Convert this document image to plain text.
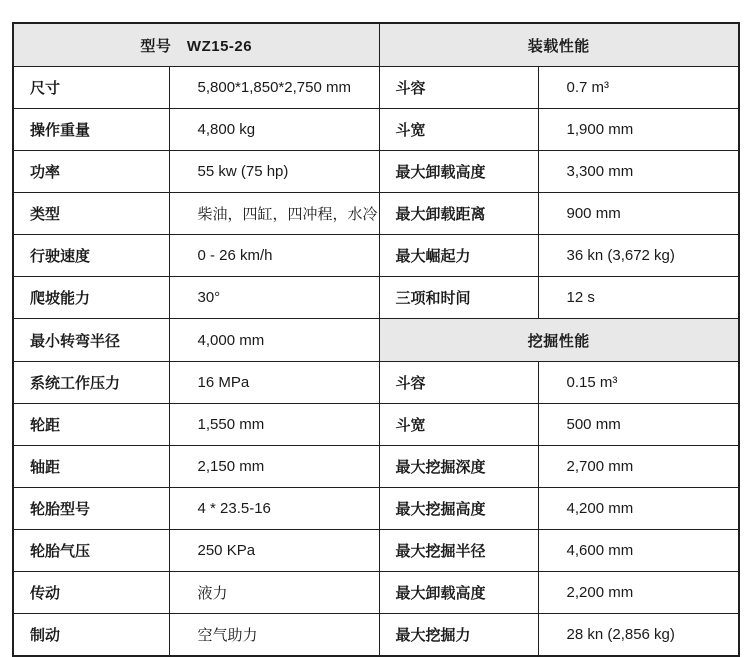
型号　WZ15-26		装载性能	
尺寸	5,800*1,850*2,750 mm	斗容	0.7 m³
操作重量	4,800 kg	斗宽	1,900 mm
功率	55 kw (75 hp)	最大卸载高度	3,300 mm
类型	柴油，四缸，四冲程，水冷	最大卸载距离	900 mm
行驶速度	0 - 26 km/h	最大崛起力	36 kn (3,672 kg)
爬坡能力	30°	三项和时间	12 s
最小转弯半径	4,000 mm	挖掘性能	
系统工作压力	16 MPa	斗容	0.15 m³
轮距	1,550 mm	斗宽	500 mm
轴距	2,150 mm	最大挖掘深度	2,700 mm
轮胎型号	4 * 23.5-16	最大挖掘高度	4,200 mm
轮胎气压	250 KPa	最大挖掘半径	4,600 mm
传动	液力	最大卸载高度	2,200 mm
制动	空气助力	最大挖掘力	28 kn (2,856 kg)
